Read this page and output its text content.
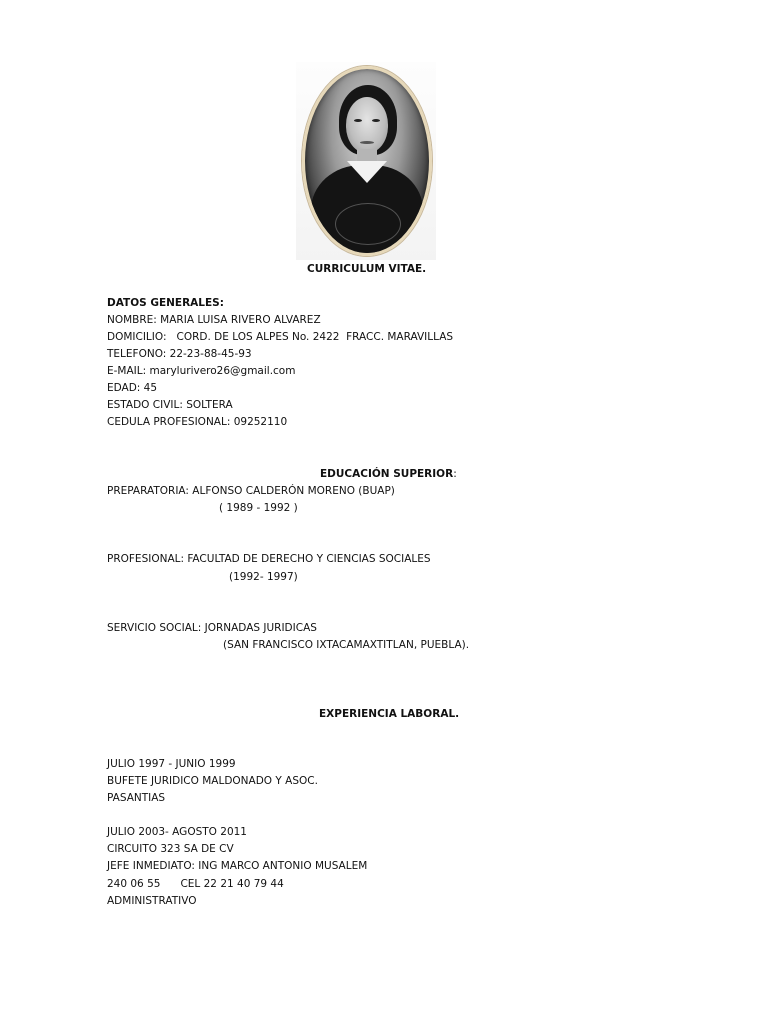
CURRICULUM VITAE.
DATOS GENERALES:
NOMBRE: MARIA LUISA RIVERO ALVAREZ
DOMICILIO:   CORD. DE LOS ALPES No. 2422  FRACC. MARAVILLAS
TELEFONO: 22-23-88-45-93
E-MAIL: marylurivero26@gmail.com
EDAD: 45
ESTADO CIVIL: SOLTERA
CEDULA PROFESIONAL: 09252110
EDUCACIÓN SUPERIOR:
PREPARATORIA: ALFONSO CALDERÓN MORENO (BUAP)
( 1989 - 1992 )
PROFESIONAL: FACULTAD DE DERECHO Y CIENCIAS SOCIALES
(1992- 1997)
SERVICIO SOCIAL: JORNADAS JURIDICAS
(SAN FRANCISCO IXTACAMAXTITLAN, PUEBLA).
EXPERIENCIA LABORAL.
JULIO 1997 - JUNIO 1999
BUFETE JURIDICO MALDONADO Y ASOC.
PASANTIAS
JULIO 2003- AGOSTO 2011
CIRCUITO 323 SA DE CV
JEFE INMEDIATO: ING MARCO ANTONIO MUSALEM
240 06 55      CEL 22 21 40 79 44
ADMINISTRATIVO
